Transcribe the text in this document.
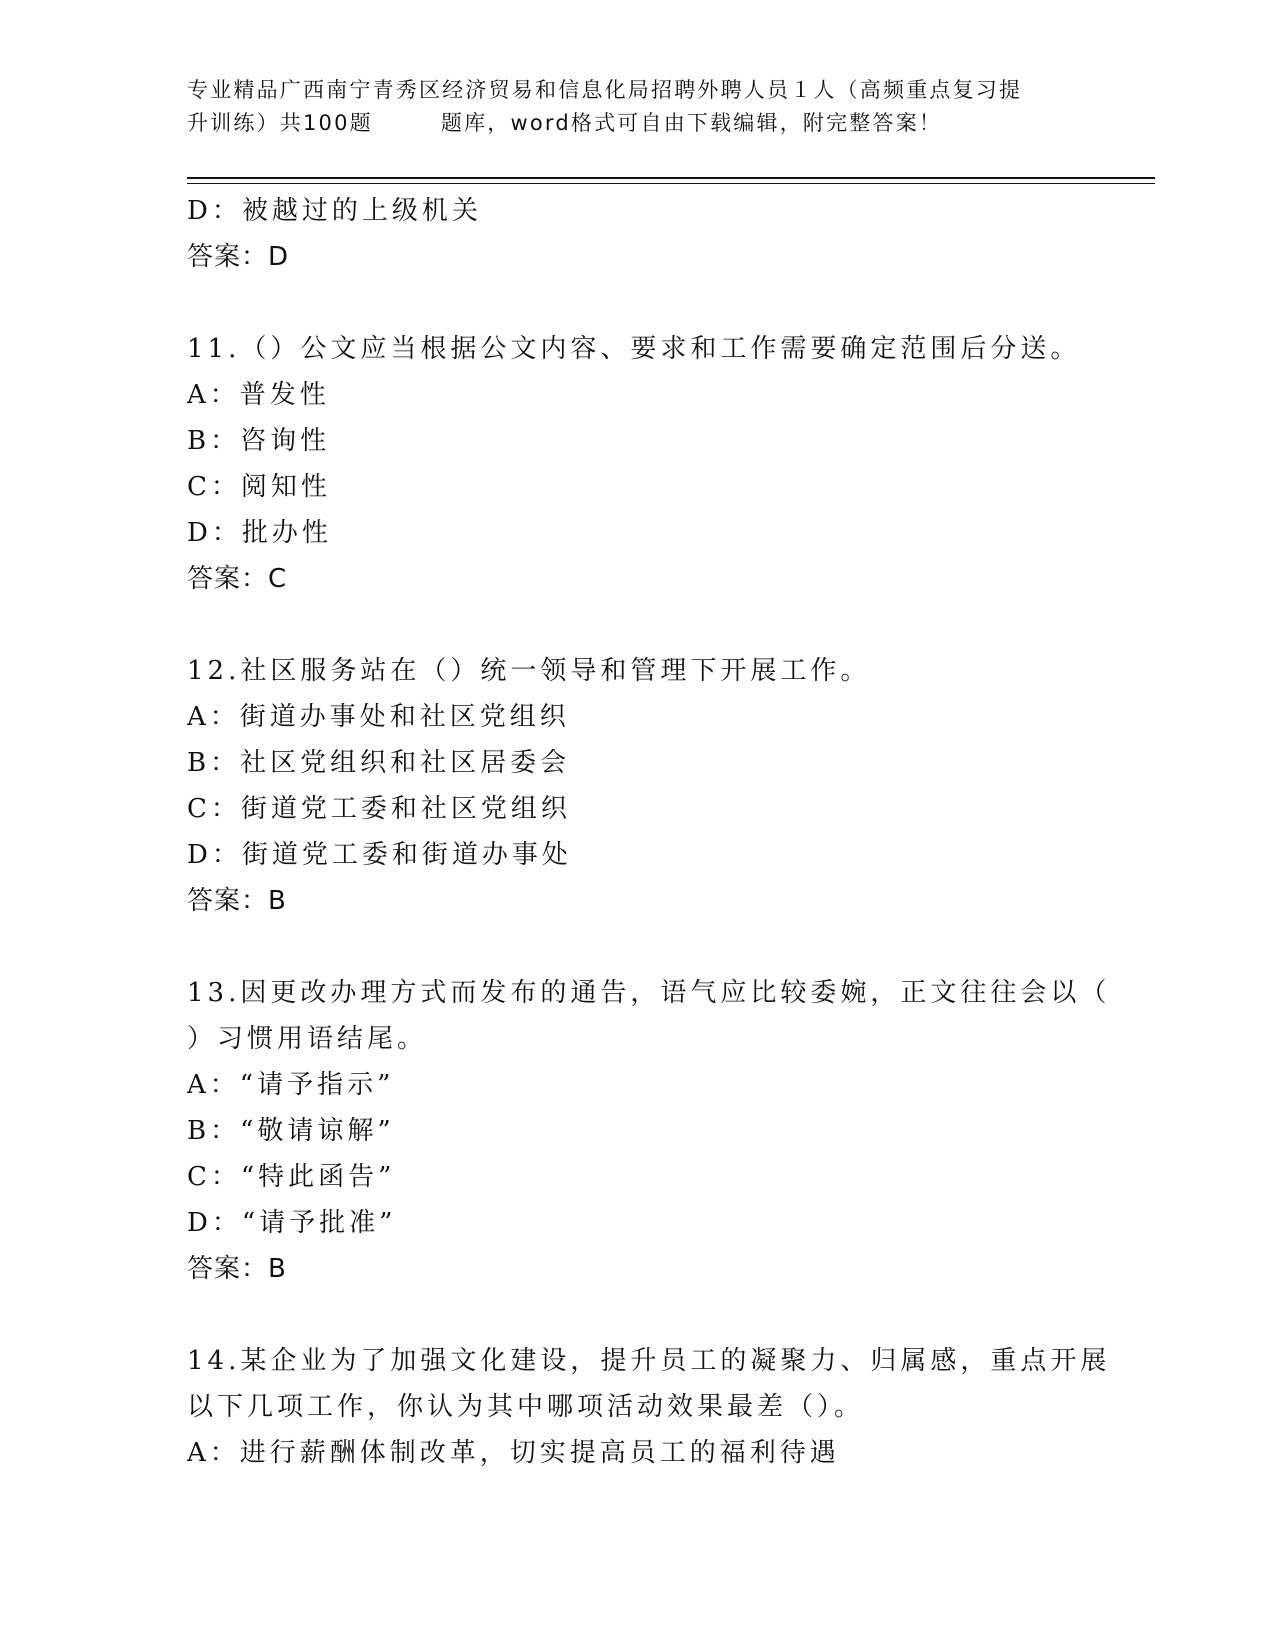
专业精品广西南宁青秀区经济贸易和信息化局招聘外聘人员１人（高频重点复习提
升训练）共100题	题库，word格式可自由下载编辑，附完整答案！
D：被越过的上级机关
答案：D
11.（）公文应当根据公文内容、要求和工作需要确定范围后分送。
A：普发性
B：咨询性
C：阅知性
D：批办性
答案：C
12.社区服务站在（）统一领导和管理下开展工作。
A：街道办事处和社区党组织
B：社区党组织和社区居委会
C：街道党工委和社区党组织
D：街道党工委和街道办事处
答案：B
13.因更改办理方式而发布的通告，语气应比较委婉，正文往往会以（
）习惯用语结尾。
A：“请予指示”
B：“敬请谅解”
C：“特此函告”
D：“请予批准”
答案：B
14.某企业为了加强文化建设，提升员工的凝聚力、归属感，重点开展
以下几项工作，你认为其中哪项活动效果最差（）。
A：进行薪酬体制改革，切实提高员工的福利待遇
